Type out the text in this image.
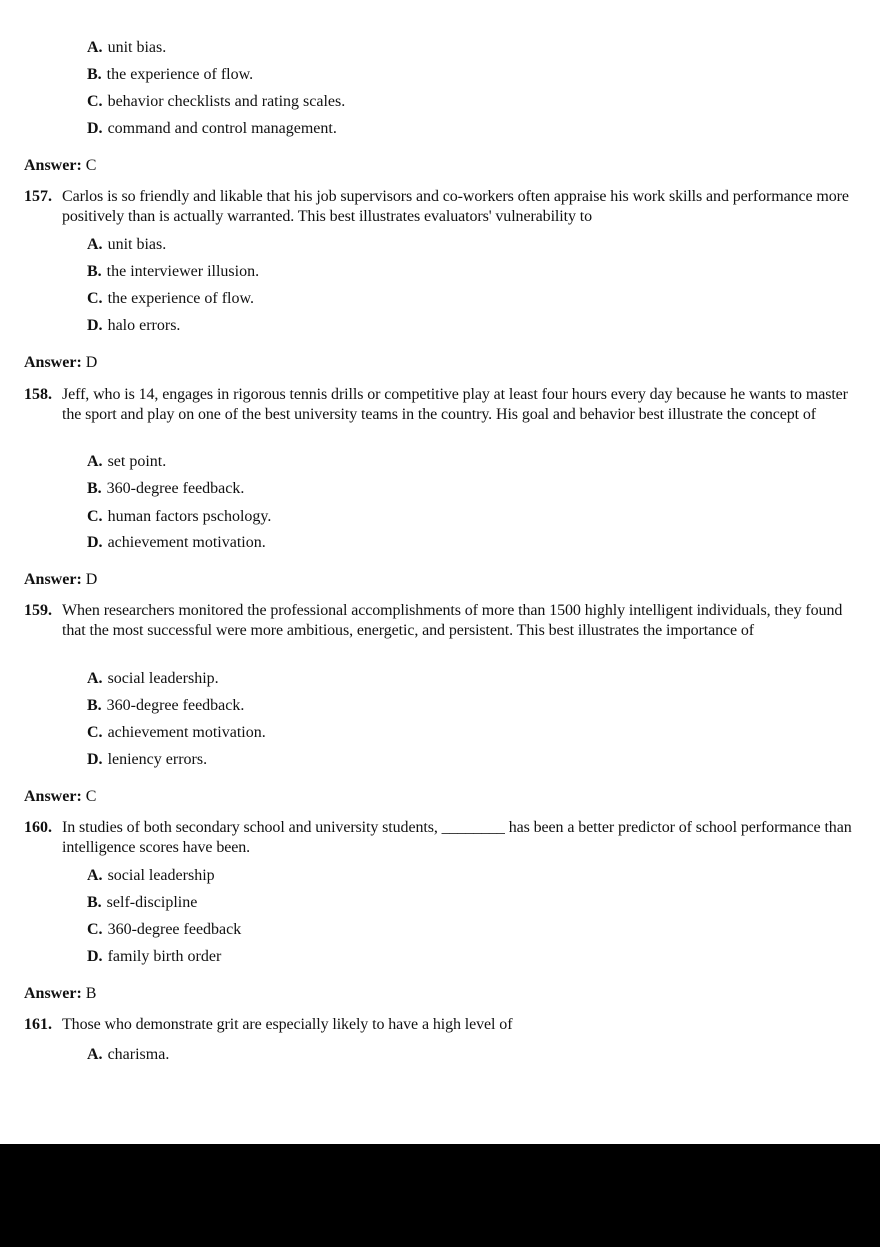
A. unit bias.
B. the experience of flow.
C. behavior checklists and rating scales.
D. command and control management.
Answer: C
157. Carlos is so friendly and likable that his job supervisors and co-workers often appraise his work skills and performance more positively than is actually warranted. This best illustrates evaluators' vulnerability to
A. unit bias.
B. the interviewer illusion.
C. the experience of flow.
D. halo errors.
Answer: D
158. Jeff, who is 14, engages in rigorous tennis drills or competitive play at least four hours every day because he wants to master the sport and play on one of the best university teams in the country. His goal and behavior best illustrate the concept of
A. set point.
B. 360-degree feedback.
C. human factors pschology.
D. achievement motivation.
Answer: D
159. When researchers monitored the professional accomplishments of more than 1500 highly intelligent individuals, they found that the most successful were more ambitious, energetic, and persistent. This best illustrates the importance of
A. social leadership.
B. 360-degree feedback.
C. achievement motivation.
D. leniency errors.
Answer: C
160. In studies of both secondary school and university students, ________ has been a better predictor of school performance than intelligence scores have been.
A. social leadership
B. self-discipline
C. 360-degree feedback
D. family birth order
Answer: B
161. Those who demonstrate grit are especially likely to have a high level of
A. charisma.
